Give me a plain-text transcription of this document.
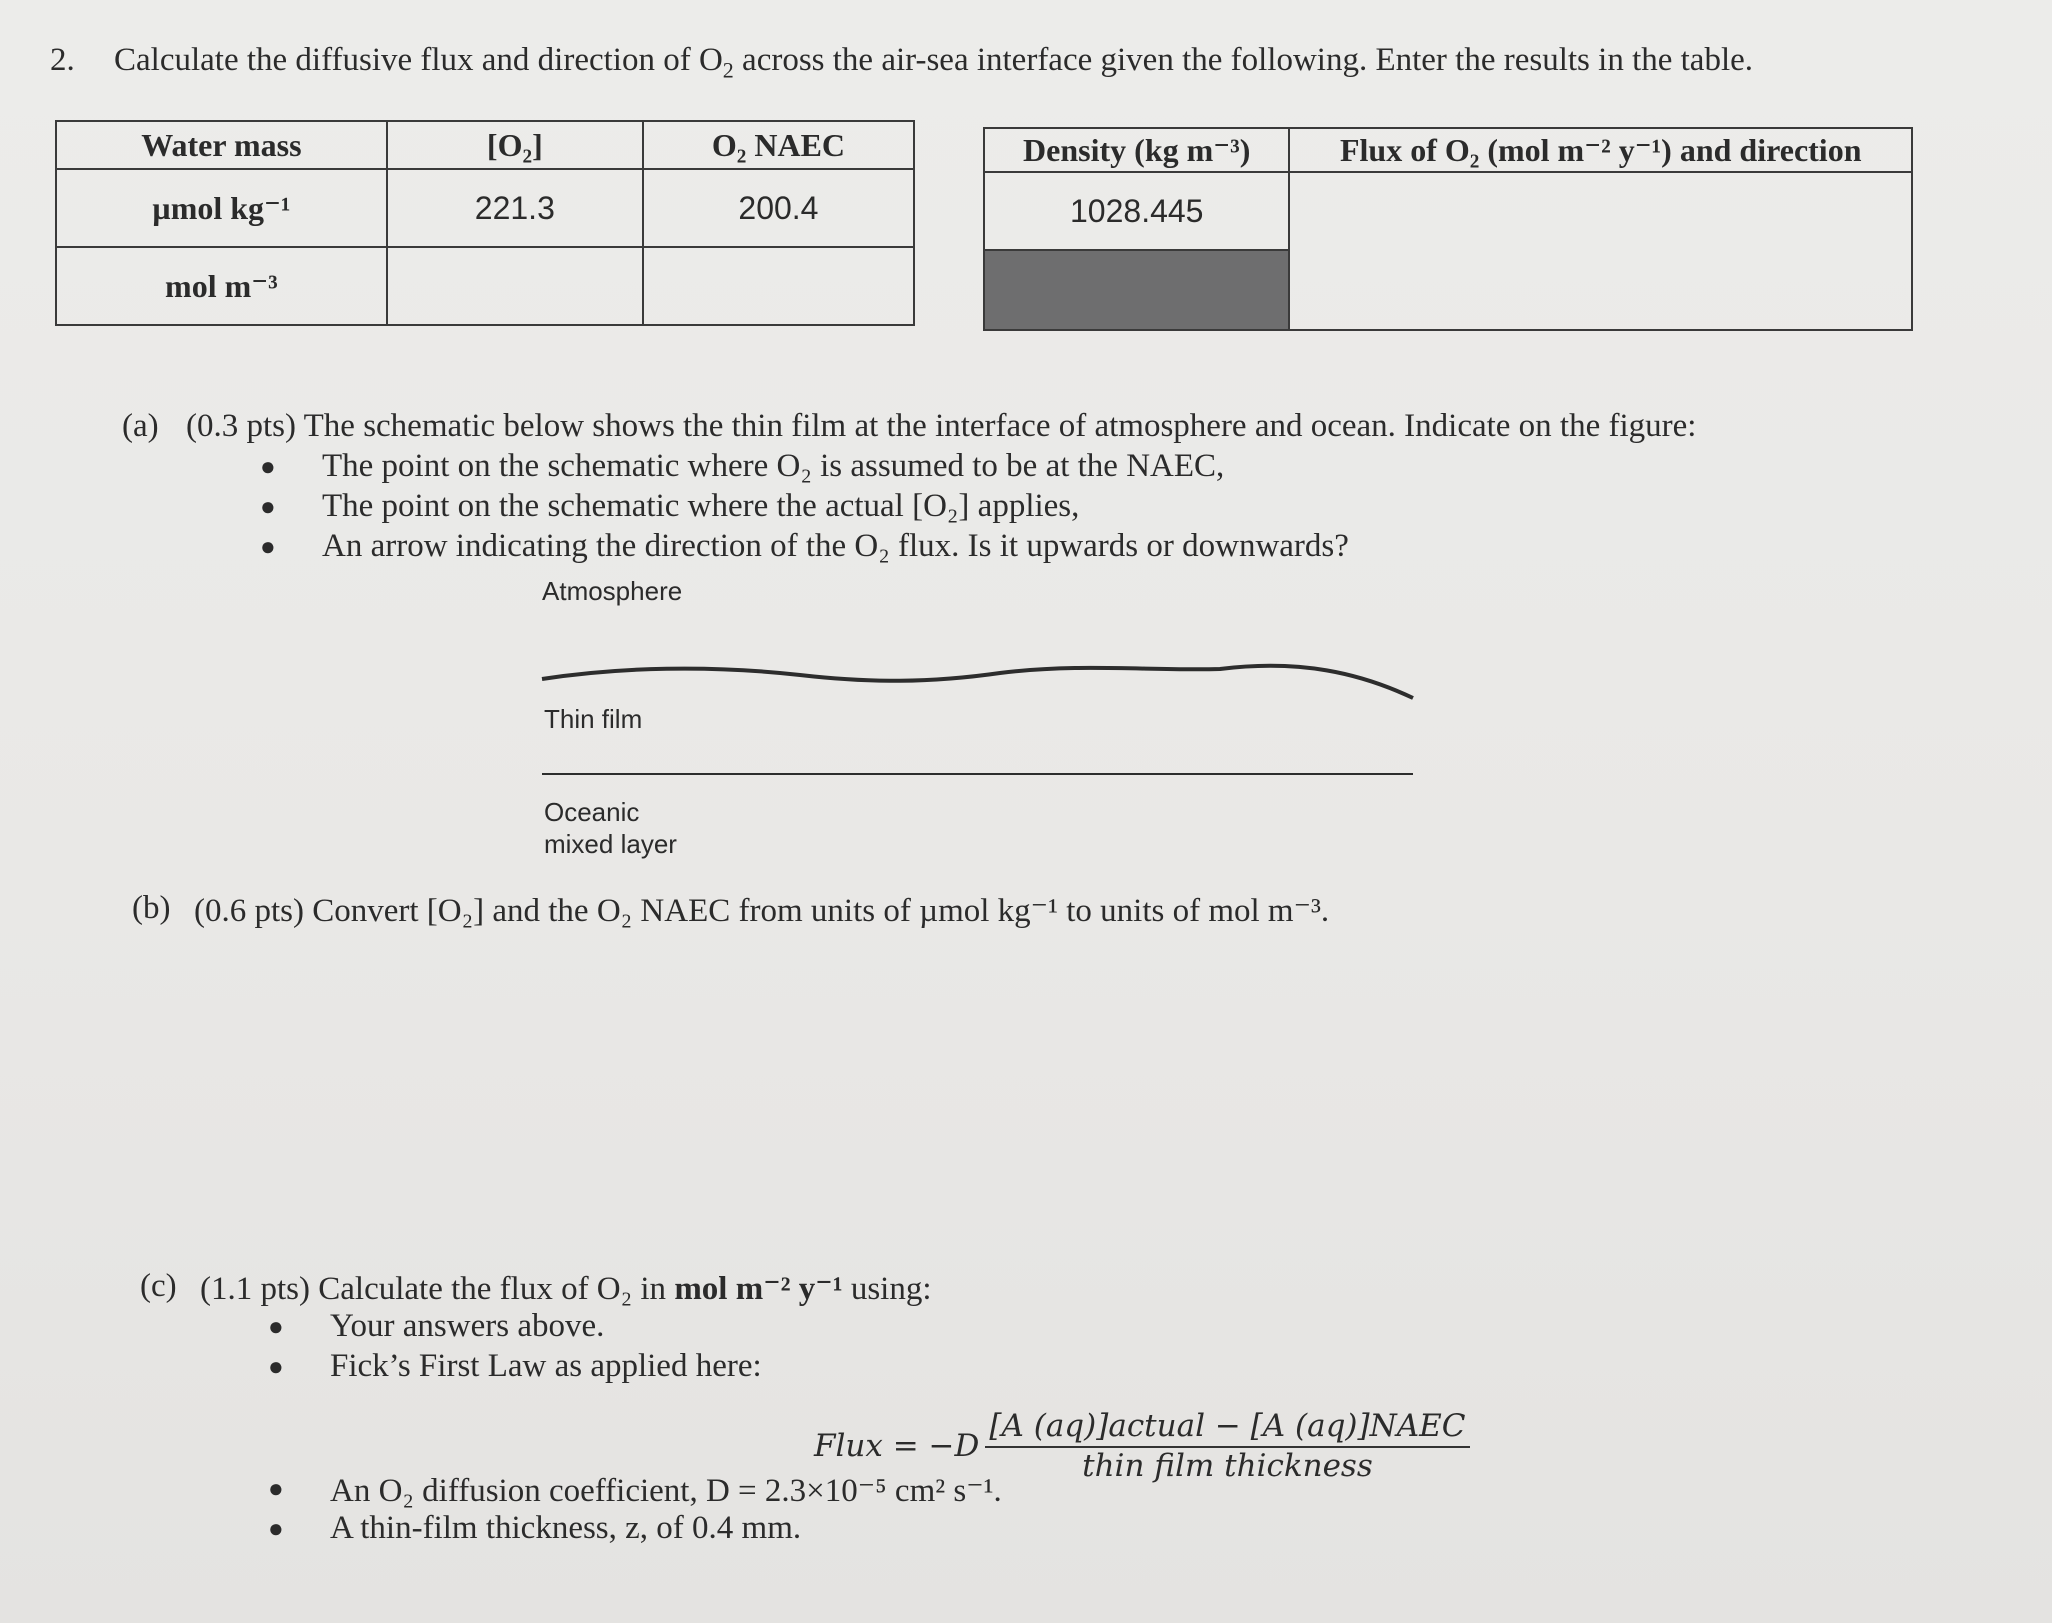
2. Calculate the diffusive flux and direction of $O_2$ across the air-sea interface given the following. Enter the results in the table.
Water mass	[O₂]	O₂ NAEC
µmol kg⁻¹	221.3	200.4
mol m⁻³		
Density (kg m⁻³)	Flux of O₂ (mol m⁻² y⁻¹) and direction
1028.445	

(a) (0.3 pts) The schematic below shows the thin film at the interface of atmosphere and ocean. Indicate on the figure:
● The point on the schematic where O₂ is assumed to be at the NAEC,
● The point on the schematic where the actual [O₂] applies,
● An arrow indicating the direction of the O₂ flux. Is it upwards or downwards?
Atmosphere
Thin film
Oceanic
mixed layer
(b) (0.6 pts) Convert [O₂] and the O₂ NAEC from units of µmol kg⁻¹ to units of mol m⁻³.
(c) (1.1 pts) Calculate the flux of O₂ in mol m⁻² y⁻¹ using:
● Your answers above.
● Fick’s First Law as applied here:
Flux = $-D \frac{\text{[A (aq)]actual − [A (aq)]NAEC}}{\text{thin film thickness}}$
● An O₂ diffusion coefficient, D = 2.3×10⁻⁵ cm² s⁻¹.
● A thin-film thickness, z, of 0.4 mm.
